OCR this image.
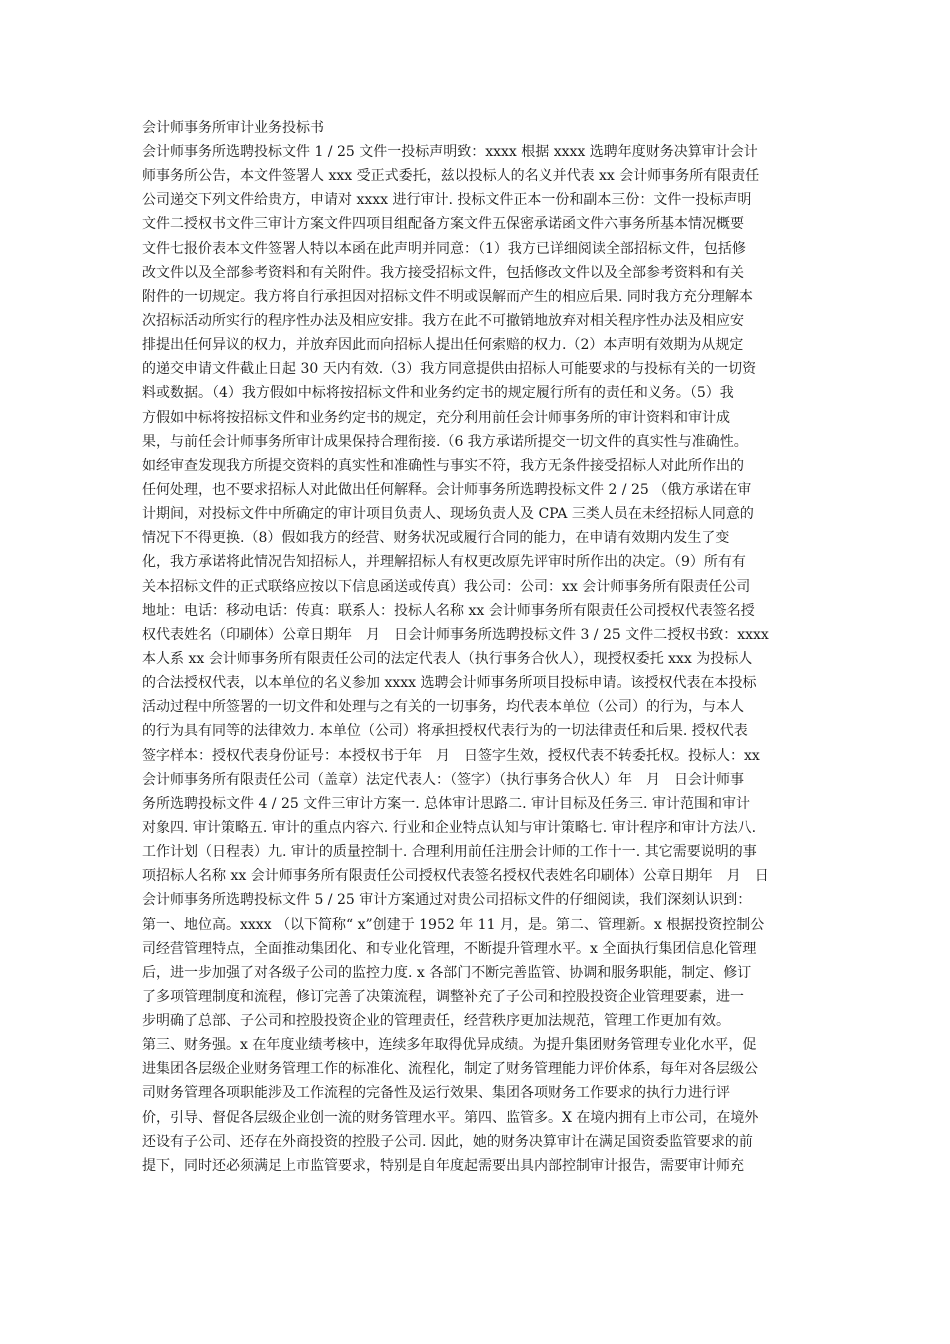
会计师事务所审计业务投标书
会计师事务所选聘投标文件 1 / 25 文件一投标声明致：xxxx 根据 xxxx 选聘年度财务决算审计会计
师事务所公告，本文件签署人 xxx 受正式委托，兹以投标人的名义并代表 xx 会计师事务所有限责任
公司递交下列文件给贵方，申请对 xxxx 进行审计. 投标文件正本一份和副本三份：文件一投标声明
文件二授权书文件三审计方案文件四项目组配备方案文件五保密承诺函文件六事务所基本情况概要
文件七报价表本文件签署人特以本函在此声明并同意：（1）我方已详细阅读全部招标文件，包括修
改文件以及全部参考资料和有关附件。我方接受招标文件，包括修改文件以及全部参考资料和有关
附件的一切规定。我方将自行承担因对招标文件不明或误解而产生的相应后果. 同时我方充分理解本
次招标活动所实行的程序性办法及相应安排。我方在此不可撤销地放弃对相关程序性办法及相应安
排提出任何异议的权力，并放弃因此而向招标人提出任何索赔的权力.（2）本声明有效期为从规定
的递交申请文件截止日起 30 天内有效.（3）我方同意提供由招标人可能要求的与投标有关的一切资
料或数据。（4）我方假如中标将按招标文件和业务约定书的规定履行所有的责任和义务。（5）我
方假如中标将按招标文件和业务约定书的规定，充分利用前任会计师事务所的审计资料和审计成
果，与前任会计师事务所审计成果保持合理衔接.（6 我方承诺所提交一切文件的真实性与准确性。
如经审查发现我方所提交资料的真实性和准确性与事实不符，我方无条件接受招标人对此所作出的
任何处理，也不要求招标人对此做出任何解释。会计师事务所选聘投标文件 2 / 25 （俄方承诺在审
计期间，对投标文件中所确定的审计项目负责人、现场负责人及 CPA 三类人员在未经招标人同意的
情况下不得更换.（8）假如我方的经营、财务状况或履行合同的能力，在申请有效期内发生了变
化，我方承诺将此情况告知招标人，并理解招标人有权更改原先评审时所作出的决定。（9）所有有
关本招标文件的正式联络应按以下信息函送或传真）我公司：公司：xx 会计师事务所有限责任公司
地址：电话：移动电话：传真：联系人：投标人名称 xx 会计师事务所有限责任公司授权代表签名授
权代表姓名（印刷体）公章日期年　月　日会计师事务所选聘投标文件 3 / 25 文件二授权书致：xxxx
本人系 xx 会计师事务所有限责任公司的法定代表人（执行事务合伙人），现授权委托 xxx 为投标人
的合法授权代表，以本单位的名义参加 xxxx 选聘会计师事务所项目投标申请。该授权代表在本投标
活动过程中所签署的一切文件和处理与之有关的一切事务，均代表本单位（公司）的行为，与本人
的行为具有同等的法律效力. 本单位（公司）将承担授权代表行为的一切法律责任和后果. 授权代表
签字样本：授权代表身份证号：本授权书于年　月　日签字生效，授权代表不转委托权。投标人：xx
会计师事务所有限责任公司（盖章）法定代表人：（签字）（执行事务合伙人）年　月　日会计师事
务所选聘投标文件 4 / 25 文件三审计方案一. 总体审计思路二. 审计目标及任务三. 审计范围和审计
对象四. 审计策略五. 审计的重点内容六. 行业和企业特点认知与审计策略七. 审计程序和审计方法八.
工作计划（日程表）九. 审计的质量控制十. 合理利用前任注册会计师的工作十一. 其它需要说明的事
项招标人名称 xx 会计师事务所有限责任公司授权代表签名授权代表姓名印刷体）公章日期年　月　日
会计师事务所选聘投标文件 5 / 25 审计方案通过对贵公司招标文件的仔细阅读，我们深刻认识到：
第一、地位高。xxxx （以下简称“ x”创建于 1952 年 11 月，是。第二、管理新。x 根据投资控制公
司经营管理特点，全面推动集团化、和专业化管理，不断提升管理水平。x 全面执行集团信息化管理
后，进一步加强了对各级子公司的监控力度. x 各部门不断完善监管、协调和服务职能，制定、修订
了多项管理制度和流程，修订完善了决策流程，调整补充了子公司和控股投资企业管理要素，进一
步明确了总部、子公司和控股投资企业的管理责任，经营秩序更加法规范，管理工作更加有效。
第三、财务强。x 在年度业绩考核中，连续多年取得优异成绩。为提升集团财务管理专业化水平，促
进集团各层级企业财务管理工作的标准化、流程化，制定了财务管理能力评价体系，每年对各层级公
司财务管理各项职能涉及工作流程的完备性及运行效果、集团各项财务工作要求的执行力进行评
价，引导、督促各层级企业创一流的财务管理水平。第四、监管多。X 在境内拥有上市公司，在境外
还设有子公司、还存在外商投资的控股子公司. 因此，她的财务决算审计在满足国资委监管要求的前
提下，同时还必须满足上市监管要求，特别是自年度起需要出具内部控制审计报告，需要审计师充
